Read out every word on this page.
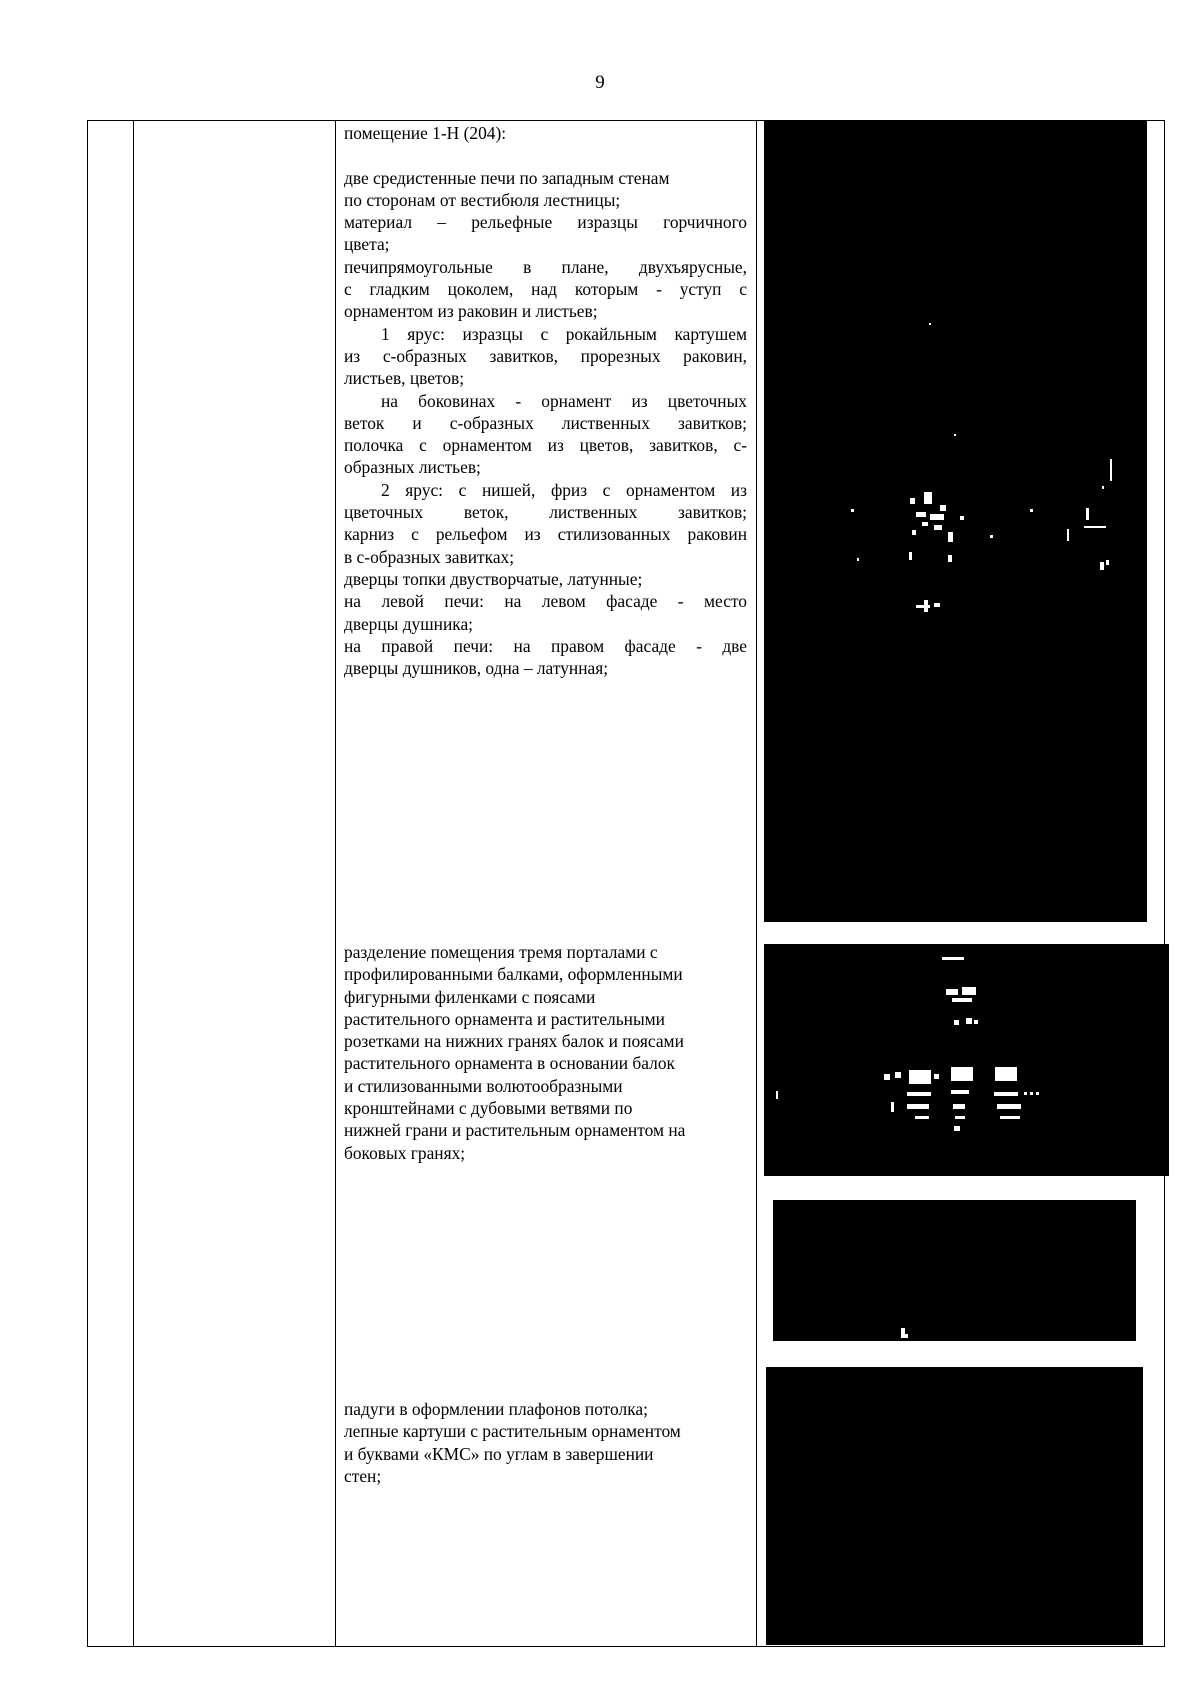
9

помещение 1-Н (204):

две средистенные печи по западным стенам

по сторонам от вестибюля лестницы;

материал – рельефные изразцы горчичного

цвета;

печипрямоугольные в плане, двухъярусные,

с гладким цоколем, над которым - уступ с

орнаментом из раковин и листьев;

1 ярус: изразцы с рокайльным картушем

из с-образных завитков, прорезных раковин,

листьев, цветов;

на боковинах - орнамент из цветочных

веток и с-образных лиственных завитков;

полочка с орнаментом из цветов, завитков, с-

образных листьев;

2 ярус: с нишей, фриз с орнаментом из

цветочных веток, лиственных завитков;

карниз с рельефом из стилизованных раковин

в с-образных завитках;

дверцы топки двустворчатые, латунные;

на левой печи: на левом фасаде - место

дверцы душника;

на правой печи: на правом фасаде - две

дверцы душников, одна – латунная;

разделение помещения тремя порталами с

профилированными балками, оформленными

фигурными филенками с поясами

растительного орнамента и растительными

розетками на нижних гранях балок и поясами

растительного орнамента в основании балок

и стилизованными волютообразными

кронштейнами с дубовыми ветвями по

нижней грани и растительным орнаментом на

боковых гранях;

падуги в оформлении плафонов потолка;

лепные картуши с растительным орнаментом

и буквами «КМС» по углам в завершении

стен;
